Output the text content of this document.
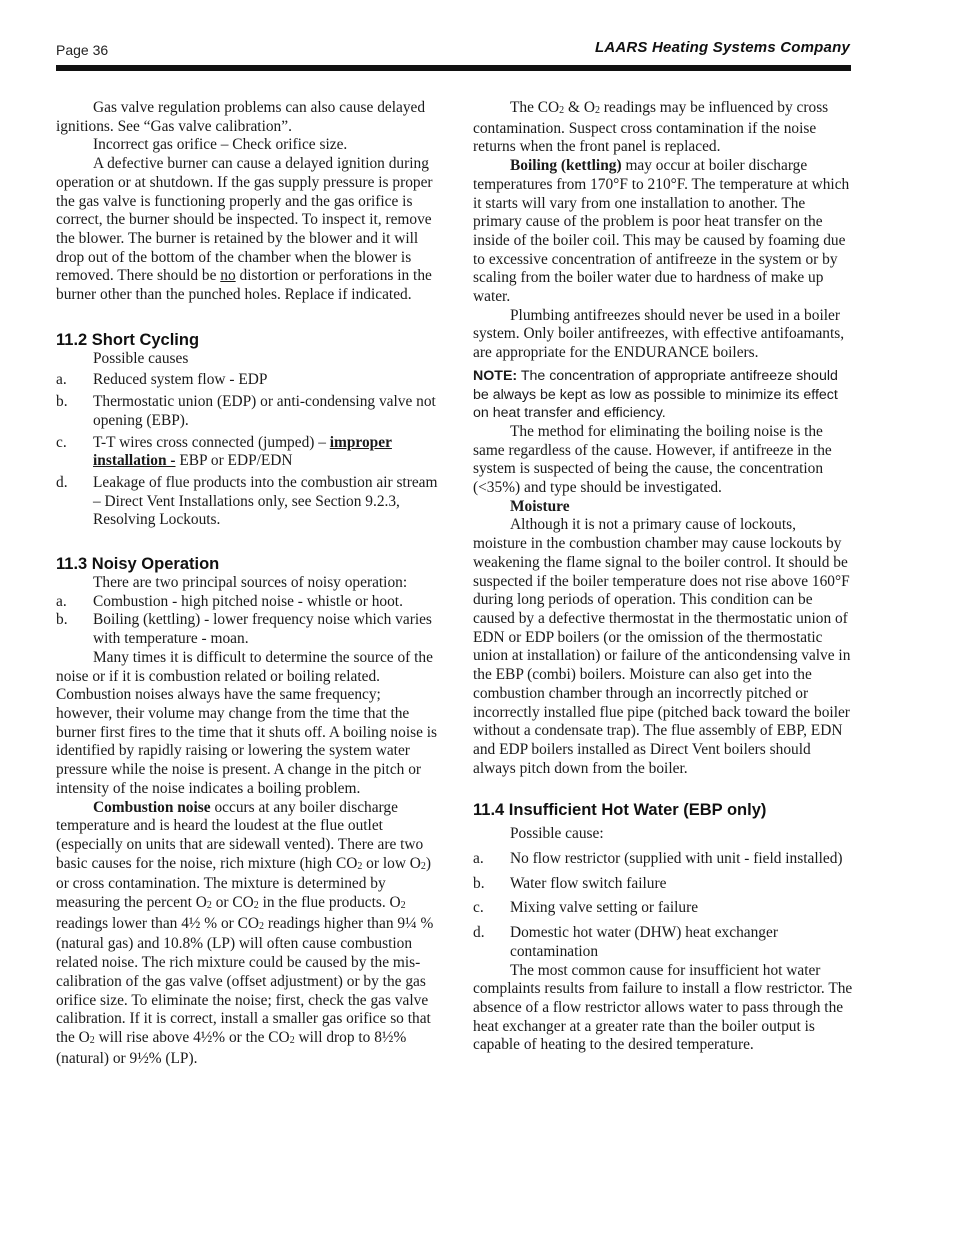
Page 36	LAARS Heating Systems Company

Gas valve regulation problems can also cause delayed ignitions. See “Gas valve calibration”.

Incorrect gas orifice – Check orifice size.

A defective burner can cause a delayed ignition during operation or at shutdown. If the gas supply pressure is proper the gas valve is functioning properly and the gas orifice is correct, the burner should be inspected. To inspect it, remove the blower. The burner is retained by the blower and it will drop out of the bottom of the chamber when the blower is removed. There should be no distortion or perforations in the burner other than the punched holes. Replace if indicated.

11.2 Short Cycling

Possible causes

a.	Reduced system flow - EDP
b.	Thermostatic union (EDP) or anti-condensing valve not opening (EBP).
c.	T-T wires cross connected (jumped) – improper installation - EBP or EDP/EDN
d.	Leakage of flue products into the combustion air stream – Direct Vent Installations only, see Section 9.2.3, Resolving Lockouts.
11.3 Noisy Operation

There are two principal sources of noisy operation:

a.	Combustion - high pitched noise - whistle or hoot.
b.	Boiling (kettling) - lower frequency noise which varies with temperature - moan.

Many times it is difficult to determine the source of the noise or if it is combustion related or boiling related. Combustion noises always have the same frequency; however, their volume may change from the time that the burner first fires to the time that it shuts off. A boiling noise is identified by rapidly raising or lowering the system water pressure while the noise is present. A change in the pitch or intensity of the noise indicates a boiling problem.

Combustion noise occurs at any boiler discharge temperature and is heard the loudest at the flue outlet (especially on units that are sidewall vented). There are two basic causes for the noise, rich mixture (high $CO_2$ or low $O_2$) or cross contamination. The mixture is determined by measuring the percent $O_2$ or $CO_2$ in the flue products. $O_2$ readings lower than 4½ % or $CO_2$ readings higher than 9¼ % (natural gas) and 10.8% (LP) will often cause combustion related noise. The rich mixture could be caused by the mis-calibration of the gas valve (offset adjustment) or by the gas orifice size. To eliminate the noise; first, check the gas valve calibration. If it is correct, install a smaller gas orifice so that the $O_2$ will rise above 4½% or the $CO_2$ will drop to 8½% (natural) or 9½% (LP).

The $CO_2$ & $O_2$ readings may be influenced by cross contamination. Suspect cross contamination if the noise returns when the front panel is replaced.

Boiling (kettling) may occur at boiler discharge temperatures from 170°F to 210°F. The temperature at which it starts will vary from one installation to another. The primary cause of the problem is poor heat transfer on the inside of the boiler coil. This may be caused by foaming due to excessive concentration of antifreeze in the system or by scaling from the boiler water due to hardness of make up water.

Plumbing antifreezes should never be used in a boiler system. Only boiler antifreezes, with effective antifoamants, are appropriate for the ENDURANCE boilers.

NOTE: The concentration of appropriate antifreeze should be always be kept as low as possible to minimize its effect on heat transfer and efficiency.

The method for eliminating the boiling noise is the same regardless of the cause. However, if antifreeze in the system is suspected of being the cause, the concentration (<35%) and type should be investigated.

Moisture

Although it is not a primary cause of lockouts, moisture in the combustion chamber may cause lockouts by weakening the flame signal to the boiler control. It should be suspected if the boiler temperature does not rise above 160°F during long periods of operation. This condition can be caused by a defective thermostat in the thermostatic union of EDN or EDP boilers (or the omission of the thermostatic union at installation) or failure of the anticondensing valve in the EBP (combi) boilers. Moisture can also get into the combustion chamber through an incorrectly pitched or incorrectly installed flue pipe (pitched back toward the boiler without a condensate trap). The flue assembly of EBP, EDN and EDP boilers installed as Direct Vent boilers should always pitch down from the boiler.

11.4 Insufficient Hot Water (EBP only)

Possible cause:

a.	No flow restrictor (supplied with unit - field installed)
b.	Water flow switch failure
c.	Mixing valve setting or failure
d.	Domestic hot water (DHW) heat exchanger contamination

The most common cause for insufficient hot water complaints results from failure to install a flow restrictor. The absence of a flow restrictor allows water to pass through the heat exchanger at a greater rate than the boiler output is capable of heating to the desired temperature.
